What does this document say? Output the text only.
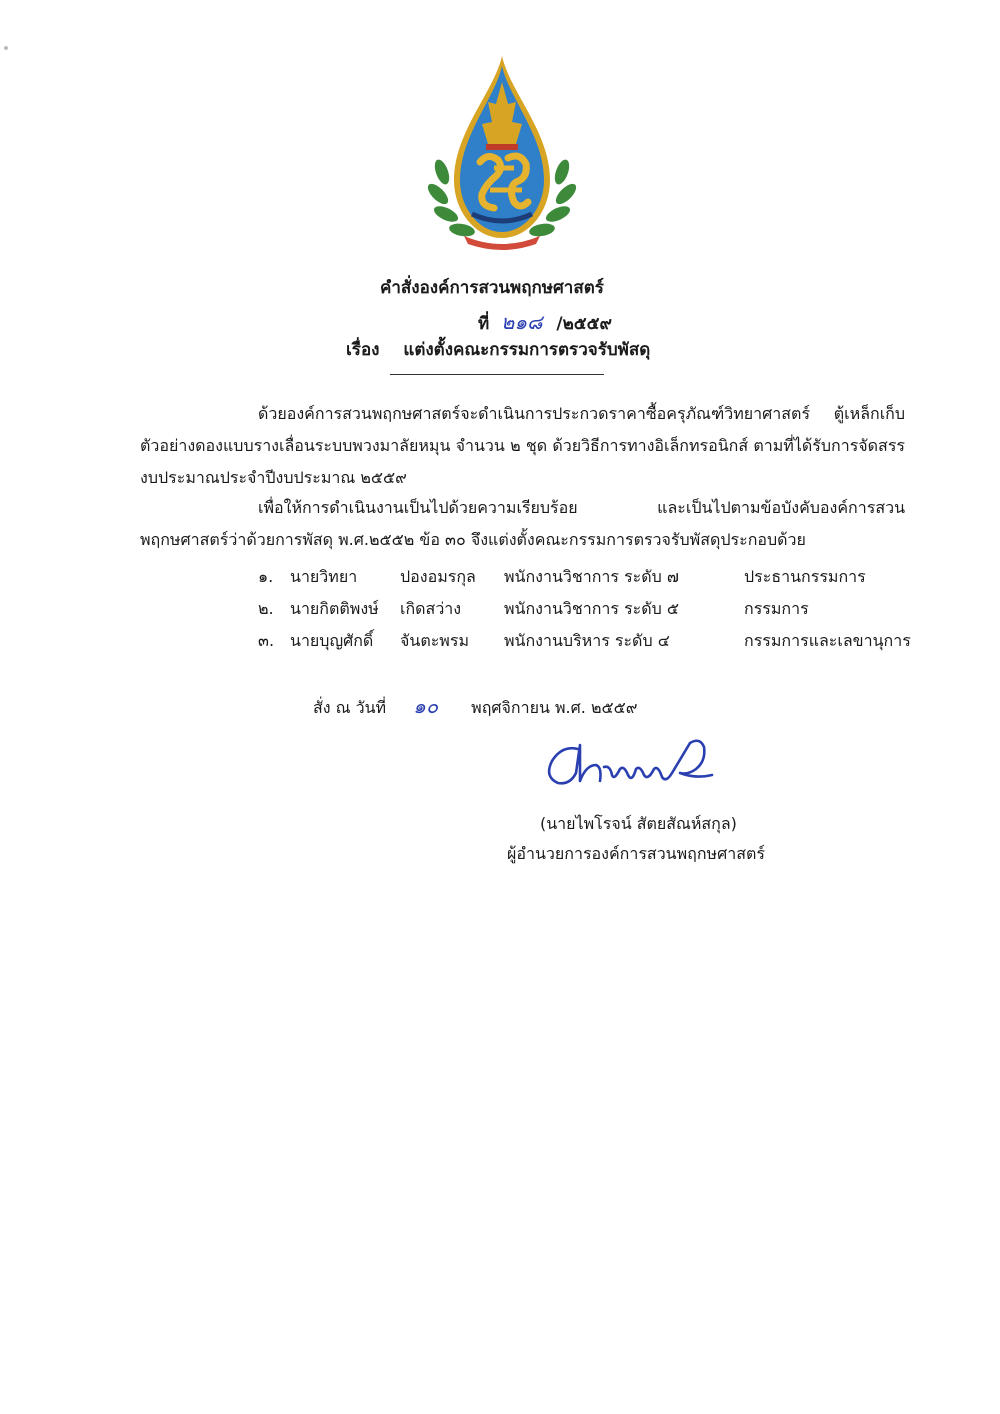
คำสั่งองค์การสวนพฤกษศาสตร์
ที่ ๒๑๘ /๒๕๕๙
เรื่อง แต่งตั้งคณะกรรมการตรวจรับพัสดุ
ด้วยองค์การสวนพฤกษศาสตร์จะดำเนินการประกวดราคาซื้อครุภัณฑ์วิทยาศาสตร์ ตู้เหล็กเก็บตัวอย่างดองแบบรางเลื่อนระบบพวงมาลัยหมุน จำนวน ๒ ชุด ด้วยวิธีการทางอิเล็กทรอนิกส์ ตามที่ได้รับการจัดสรรงบประมาณประจำปีงบประมาณ ๒๕๕๙
เพื่อให้การดำเนินงานเป็นไปด้วยความเรียบร้อย และเป็นไปตามข้อบังคับองค์การสวนพฤกษศาสตร์ว่าด้วยการพัสดุ พ.ศ.๒๕๕๒ ข้อ ๓๐ จึงแต่งตั้งคณะกรรมการตรวจรับพัสดุประกอบด้วย
๑. นายวิทยา	ปองอมรกุล พนักงานวิชาการ ระดับ ๗	ประธานกรรมการ
๒. นายกิตติพงษ์ เกิดสว่าง	พนักงานวิชาการ ระดับ ๕	กรรมการ
๓. นายบุญศักดิ์ จันตะพรม พนักงานบริหาร ระดับ ๔	กรรมการและเลขานุการ
สั่ง ณ วันที่ ๑๐ พฤศจิกายน พ.ศ. ๒๕๕๙
(นายไพโรจน์ สัตยสัณห์สกุล)
ผู้อำนวยการองค์การสวนพฤกษศาสตร์
